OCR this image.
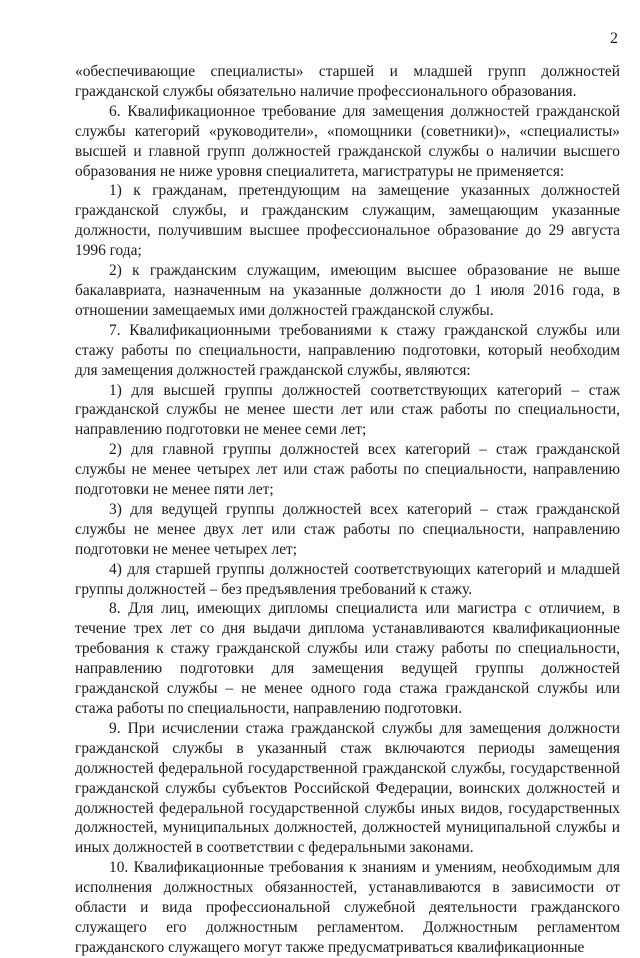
2

«обеспечивающие специалисты» старшей и младшей групп должностей гражданской службы обязательно наличие профессионального образования.

6. Квалификационное требование для замещения должностей гражданской службы категорий «руководители», «помощники (советники)», «специалисты» высшей и главной групп должностей гражданской службы о наличии высшего образования не ниже уровня специалитета, магистратуры не применяется:

1) к гражданам, претендующим на замещение указанных должностей гражданской службы, и гражданским служащим, замещающим указанные должности, получившим высшее профессиональное образование до 29 августа 1996 года;

2) к гражданским служащим, имеющим высшее образование не выше бакалавриата, назначенным на указанные должности до 1 июля 2016 года, в отношении замещаемых ими должностей гражданской службы.

7. Квалификационными требованиями к стажу гражданской службы или стажу работы по специальности, направлению подготовки, который необходим для замещения должностей гражданской службы, являются:

1) для высшей группы должностей соответствующих категорий – стаж гражданской службы не менее шести лет или стаж работы по специальности, направлению подготовки не менее семи лет;

2) для главной группы должностей всех категорий – стаж гражданской службы не менее четырех лет или стаж работы по специальности, направлению подготовки не менее пяти лет;

3) для ведущей группы должностей всех категорий – стаж гражданской службы не менее двух лет или стаж работы по специальности, направлению подготовки не менее четырех лет;

4) для старшей группы должностей соответствующих категорий и младшей группы должностей – без предъявления требований к стажу.

8. Для лиц, имеющих дипломы специалиста или магистра с отличием, в течение трех лет со дня выдачи диплома устанавливаются квалификационные требования к стажу гражданской службы или стажу работы по специальности, направлению подготовки для замещения ведущей группы должностей гражданской службы – не менее одного года стажа гражданской службы или стажа работы по специальности, направлению подготовки.

9. При исчислении стажа гражданской службы для замещения должности гражданской службы в указанный стаж включаются периоды замещения должностей федеральной государственной гражданской службы, государственной гражданской службы субъектов Российской Федерации, воинских должностей и должностей федеральной государственной службы иных видов, государственных должностей, муниципальных должностей, должностей муниципальной службы и иных должностей в соответствии с федеральными законами.

10. Квалификационные требования к знаниям и умениям, необходимым для исполнения должностных обязанностей, устанавливаются в зависимости от области и вида профессиональной служебной деятельности гражданского служащего его должностным регламентом. Должностным регламентом гражданского служащего могут также предусматриваться квалификационные
